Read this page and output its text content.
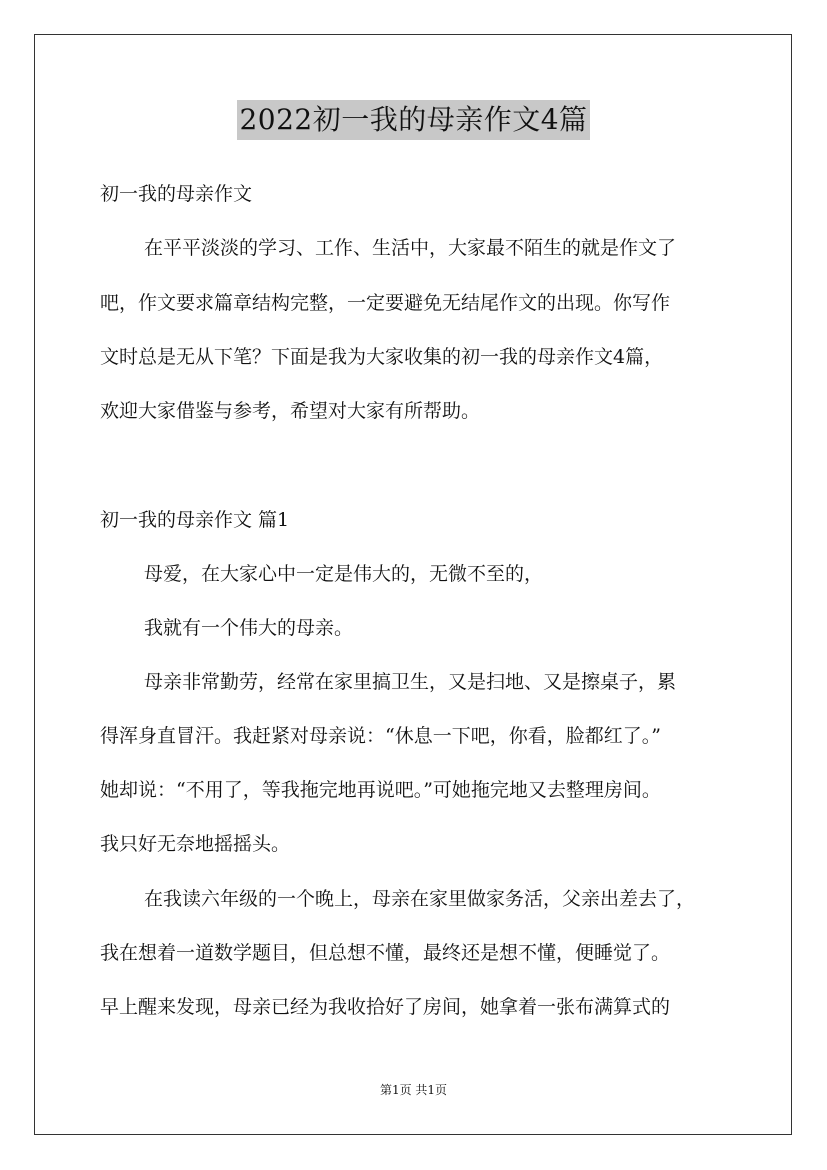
2022初一我的母亲作文4篇
初一我的母亲作文
在平平淡淡的学习、工作、生活中，大家最不陌生的就是作文了
吧，作文要求篇章结构完整，一定要避免无结尾作文的出现。你写作
文时总是无从下笔？下面是我为大家收集的初一我的母亲作文4篇，
欢迎大家借鉴与参考，希望对大家有所帮助。
初一我的母亲作文 篇1
母爱，在大家心中一定是伟大的，无微不至的，
我就有一个伟大的母亲。
母亲非常勤劳，经常在家里搞卫生，又是扫地、又是擦桌子，累
得浑身直冒汗。我赶紧对母亲说：“休息一下吧，你看，脸都红了。”
她却说：“不用了，等我拖完地再说吧。”可她拖完地又去整理房间。
我只好无奈地摇摇头。
在我读六年级的一个晚上，母亲在家里做家务活，父亲出差去了，
我在想着一道数学题目，但总想不懂，最终还是想不懂，便睡觉了。
早上醒来发现，母亲已经为我收拾好了房间，她拿着一张布满算式的
第1页 共1页
